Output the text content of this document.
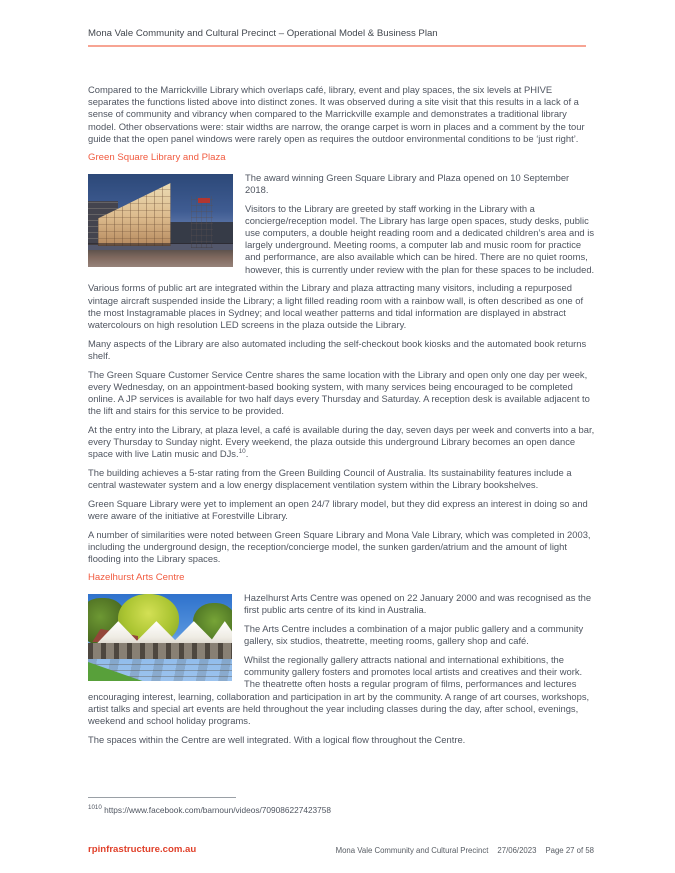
Mona Vale Community and Cultural Precinct – Operational Model & Business Plan

Compared to the Marrickville Library which overlaps café, library, event and play spaces, the six levels at PHIVE separates the functions listed above into distinct zones. It was observed during a site visit that this results in a lack of a sense of community and vibrancy when compared to the Marrickville example and demonstrates a traditional library model. Other observations were: stair widths are narrow, the orange carpet is worn in places and a comment by the tour guide that the open panel windows were rarely open as requires the outdoor environmental conditions to be ‘just right’.

Green Square Library and Plaza

The award winning Green Square Library and Plaza opened on 10 September 2018.

Visitors to the Library are greeted by staff working in the Library with a concierge/reception model. The Library has large open spaces, study desks, public use computers, a double height reading room and a dedicated children’s area and is largely underground. Meeting rooms, a computer lab and music room for practice and performance, are also available which can be hired. There are no quiet rooms, however, this is currently under review with the plan for these spaces to be included.

Various forms of public art are integrated within the Library and plaza attracting many visitors, including a repurposed vintage aircraft suspended inside the Library; a light filled reading room with a rainbow wall, is often described as one of the most Instagramable places in Sydney; and local weather patterns and tidal information are displayed in abstract watercolours on high resolution LED screens in the plaza outside the Library.

Many aspects of the Library are also automated including the self-checkout book kiosks and the automated book returns shelf.

The Green Square Customer Service Centre shares the same location with the Library and open only one day per week, every Wednesday, on an appointment-based booking system, with many services being encouraged to be completed online. A JP services is available for two half days every Thursday and Saturday. A reception desk is available adjacent to the lift and stairs for this service to be provided.

At the entry into the Library, at plaza level, a café is available during the day, seven days per week and converts into a bar, every Thursday to Sunday night. Every weekend, the plaza outside this underground Library becomes an open dance space with live Latin music and DJs.$^{10}$.

The building achieves a 5-star rating from the Green Building Council of Australia. Its sustainability features include a central wastewater system and a low energy displacement ventilation system within the Library bookshelves.

Green Square Library were yet to implement an open 24/7 library model, but they did express an interest in doing so and were aware of the initiative at Forestville Library.

A number of similarities were noted between Green Square Library and Mona Vale Library, which was completed in 2003, including the underground design, the reception/concierge model, the sunken garden/atrium and the amount of light flooding into the Library spaces.

Hazelhurst Arts Centre

Hazelhurst Arts Centre was opened on 22 January 2000 and was recognised as the first public arts centre of its kind in Australia.

The Arts Centre includes a combination of a major public gallery and a community gallery, six studios, theatrette, meeting rooms, gallery shop and café.

Whilst the regionally gallery attracts national and international exhibitions, the community gallery fosters and promotes local artists and creatives and their work. The theatrette often hosts a regular program of films, performances and lectures encouraging interest, learning, collaboration and participation in art by the community. A range of art courses, workshops, artist talks and special art events are held throughout the year including classes during the day, after school, evenings, weekend and school holiday programs.

The spaces within the Centre are well integrated. With a logical flow throughout the Centre.

$^{1010}$ https://www.facebook.com/barnoun/videos/709086227423758
rpinfrastructure.com.au	Mona Vale Community and Cultural Precinct 27/06/2023 Page 27 of 58
